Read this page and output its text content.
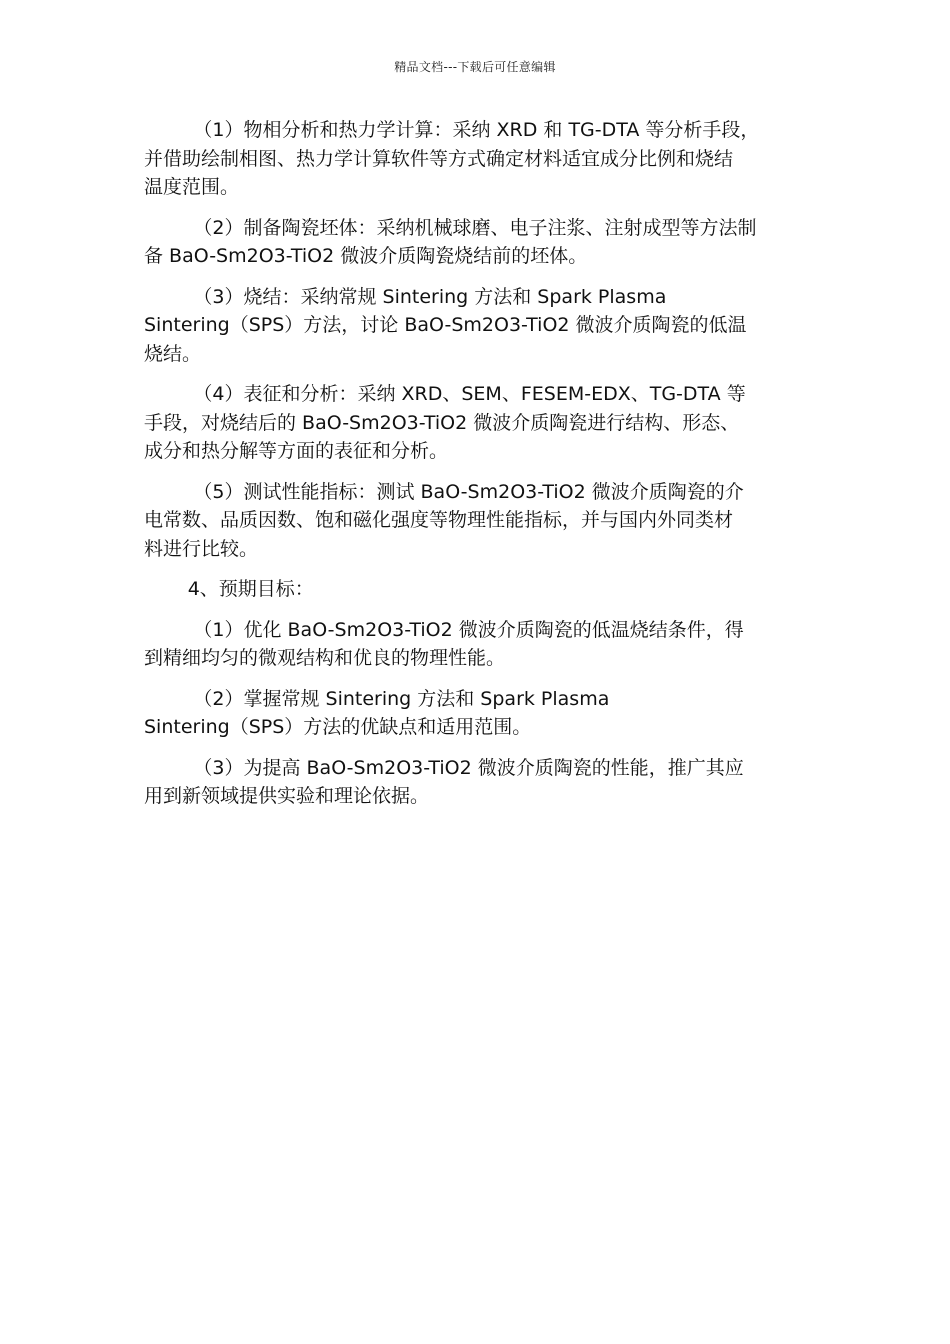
精品文档---下载后可任意编辑

（1）物相分析和热力学计算：采纳 XRD 和 TG-DTA 等分析手段，
并借助绘制相图、热力学计算软件等方式确定材料适宜成分比例和烧结
温度范围。

（2）制备陶瓷坯体：采纳机械球磨、电子注浆、注射成型等方法制
备 BaO-Sm2O3-TiO2 微波介质陶瓷烧结前的坯体。

（3）烧结：采纳常规 Sintering 方法和 Spark Plasma
Sintering（SPS）方法，讨论 BaO-Sm2O3-TiO2 微波介质陶瓷的低温
烧结。

（4）表征和分析：采纳 XRD、SEM、FESEM-EDX、TG-DTA 等
手段，对烧结后的 BaO-Sm2O3-TiO2 微波介质陶瓷进行结构、形态、
成分和热分解等方面的表征和分析。

（5）测试性能指标：测试 BaO-Sm2O3-TiO2 微波介质陶瓷的介
电常数、品质因数、饱和磁化强度等物理性能指标，并与国内外同类材
料进行比较。

4、预期目标：

（1）优化 BaO-Sm2O3-TiO2 微波介质陶瓷的低温烧结条件，得
到精细均匀的微观结构和优良的物理性能。

（2）掌握常规 Sintering 方法和 Spark Plasma
Sintering（SPS）方法的优缺点和适用范围。

（3）为提高 BaO-Sm2O3-TiO2 微波介质陶瓷的性能，推广其应
用到新领域提供实验和理论依据。
